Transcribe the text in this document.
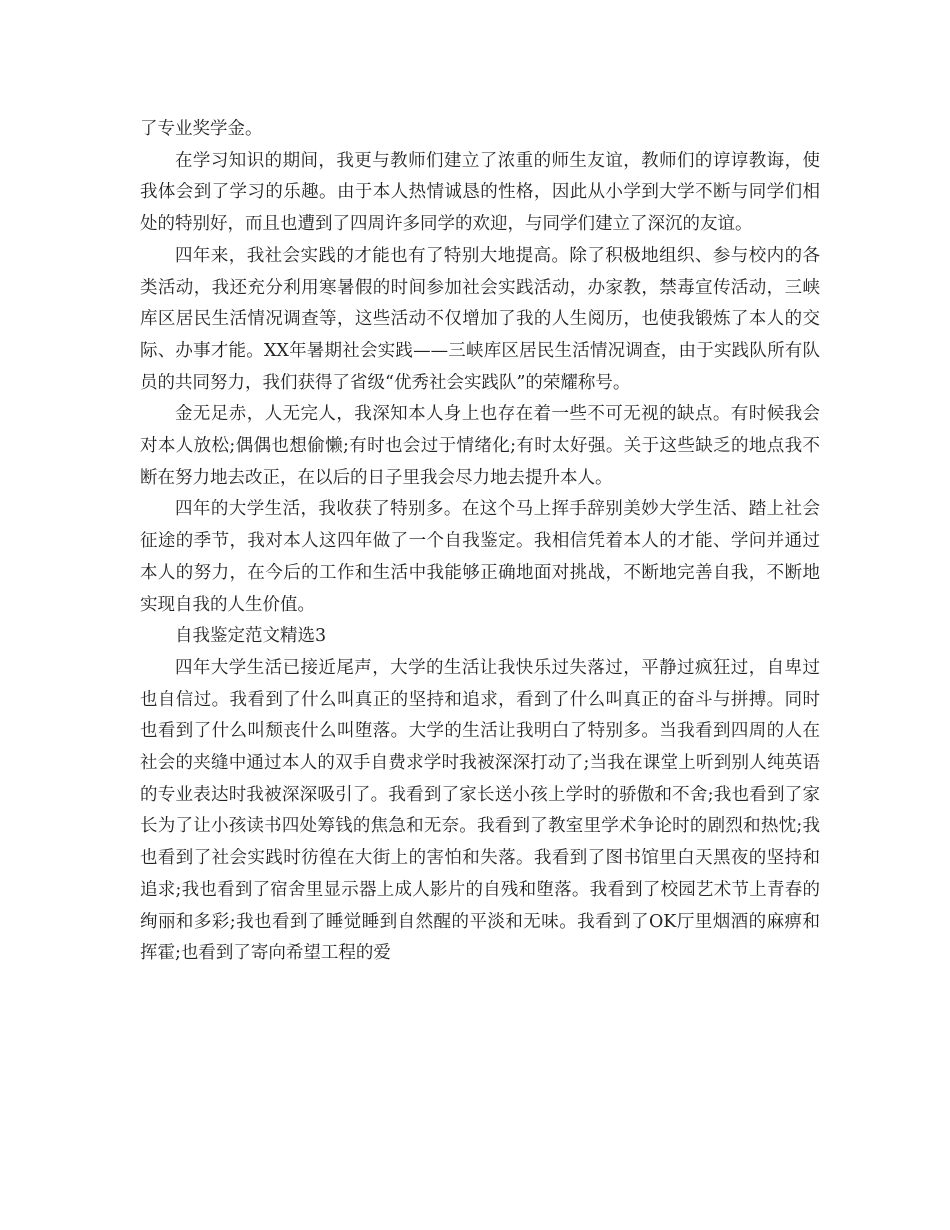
了专业奖学金。

在学习知识的期间，我更与教师们建立了浓重的师生友谊，教师们的谆谆教诲，使我体会到了学习的乐趣。由于本人热情诚恳的性格，因此从小学到大学不断与同学们相处的特别好，而且也遭到了四周许多同学的欢迎，与同学们建立了深沉的友谊。

四年来，我社会实践的才能也有了特别大地提高。除了积极地组织、参与校内的各类活动，我还充分利用寒暑假的时间参加社会实践活动，办家教，禁毒宣传活动，三峡库区居民生活情况调查等，这些活动不仅增加了我的人生阅历，也使我锻炼了本人的交际、办事才能。XX年暑期社会实践——三峡库区居民生活情况调查，由于实践队所有队员的共同努力，我们获得了省级“优秀社会实践队”的荣耀称号。

金无足赤，人无完人，我深知本人身上也存在着一些不可无视的缺点。有时候我会对本人放松;偶偶也想偷懒;有时也会过于情绪化;有时太好强。关于这些缺乏的地点我不断在努力地去改正，在以后的日子里我会尽力地去提升本人。

四年的大学生活，我收获了特别多。在这个马上挥手辞别美妙大学生活、踏上社会征途的季节，我对本人这四年做了一个自我鉴定。我相信凭着本人的才能、学问并通过本人的努力，在今后的工作和生活中我能够正确地面对挑战，不断地完善自我，不断地实现自我的人生价值。

自我鉴定范文精选3

四年大学生活已接近尾声，大学的生活让我快乐过失落过，平静过疯狂过，自卑过也自信过。我看到了什么叫真正的坚持和追求，看到了什么叫真正的奋斗与拼搏。同时也看到了什么叫颓丧什么叫堕落。大学的生活让我明白了特别多。当我看到四周的人在社会的夹缝中通过本人的双手自费求学时我被深深打动了;当我在课堂上听到别人纯英语的专业表达时我被深深吸引了。我看到了家长送小孩上学时的骄傲和不舍;我也看到了家长为了让小孩读书四处筹钱的焦急和无奈。我看到了教室里学术争论时的剧烈和热忱;我也看到了社会实践时彷徨在大街上的害怕和失落。我看到了图书馆里白天黑夜的坚持和追求;我也看到了宿舍里显示器上成人影片的自残和堕落。我看到了校园艺术节上青春的绚丽和多彩;我也看到了睡觉睡到自然醒的平淡和无味。我看到了OK厅里烟酒的麻痹和挥霍;也看到了寄向希望工程的爱
